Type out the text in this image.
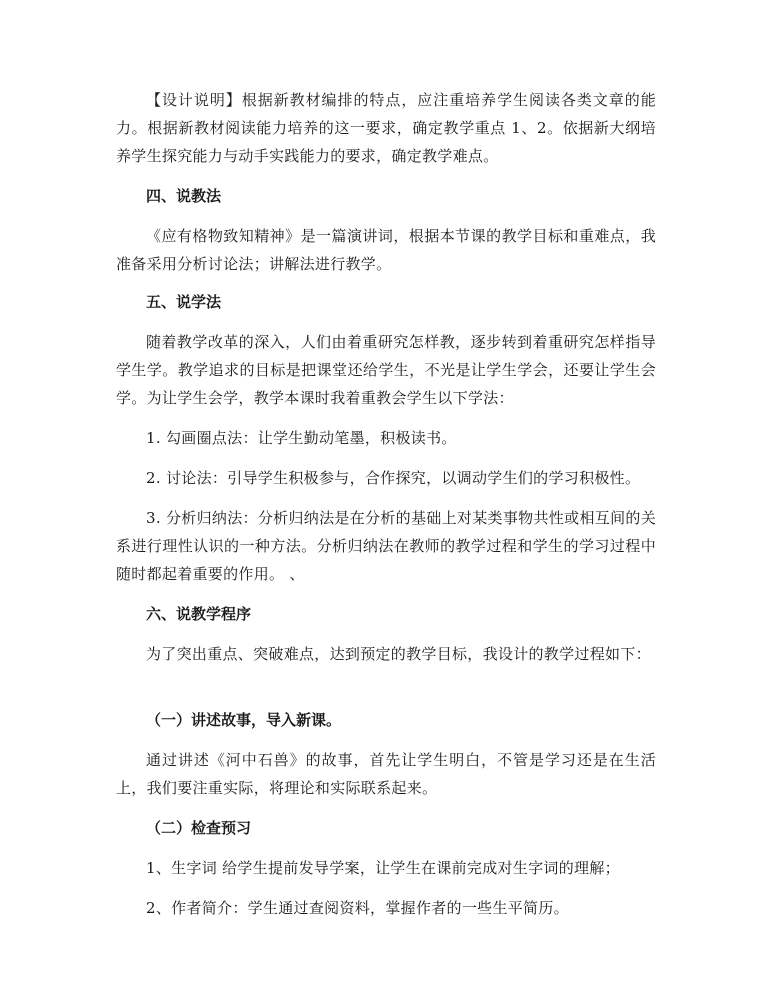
【设计说明】根据新教材编排的特点，应注重培养学生阅读各类文章的能力。根据新教材阅读能力培养的这一要求，确定教学重点 1、2。依据新大纲培养学生探究能力与动手实践能力的要求，确定教学难点。

四、说教法

《应有格物致知精神》是一篇演讲词，根据本节课的教学目标和重难点，我准备采用分析讨论法；讲解法进行教学。

五、说学法

随着教学改革的深入，人们由着重研究怎样教，逐步转到着重研究怎样指导学生学。教学追求的目标是把课堂还给学生，不光是让学生学会，还要让学生会学。为让学生会学，教学本课时我着重教会学生以下学法：

1. 勾画圈点法：让学生勤动笔墨，积极读书。

2. 讨论法：引导学生积极参与，合作探究，以调动学生们的学习积极性。

3. 分析归纳法：分析归纳法是在分析的基础上对某类事物共性或相互间的关系进行理性认识的一种方法。分析归纳法在教师的教学过程和学生的学习过程中随时都起着重要的作用。 、

六、说教学程序

为了突出重点、突破难点，达到预定的教学目标，我设计的教学过程如下：

（一）讲述故事，导入新课。

通过讲述《河中石兽》的故事，首先让学生明白，不管是学习还是在生活上，我们要注重实际，将理论和实际联系起来。

（二）检查预习

1、生字词 给学生提前发导学案，让学生在课前完成对生字词的理解；

2、作者简介：学生通过查阅资料，掌握作者的一些生平简历。
